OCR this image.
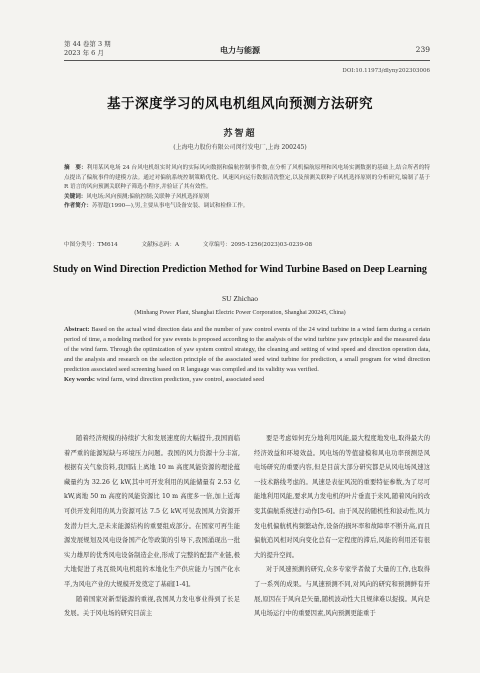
第 44 卷第 3 期
2023 年 6 月	电力与能源	239
DOI:10.11973/dlyny202303006
基于深度学习的风电机组风向预测方法研究
苏智超
(上海电力股份有限公司闵行发电厂,上海 200245)
摘　要：利用某风电场 24 台风电机组实时风向的实际风向数据和偏航控制事件数,在分析了风机偏航原理和风电场实测数据的基础上,结合所者的特点提出了偏航事件的建模方法。通过对偏航系统控制策略优化、风速风向运行数据清洗整定,以及预测关联种子风机选择原则的分析研究,编制了基于 R 语言的风向预测关联种子筛选小程序,并验证了其有效性。
关键词：风电场;风向预测;偏航控制;关联种子风机选择原则
作者简介：苏智超(1990—),男,主要从事电气设备安装、调试和检修工作。
中图分类号：TM614	文献标志码：A	文章编号：2095-1256(2023)03-0239-08
Study on Wind Direction Prediction Method for Wind Turbine Based on Deep Learning
SU Zhichao
(Minhang Power Plant, Shanghai Electric Power Corporation, Shanghai 200245, China)
Abstract: Based on the actual wind direction data and the number of yaw control events of the 24 wind turbine in a wind farm during a certain period of time, a modeling method for yaw events is proposed according to the analysis of the wind turbine yaw principle and the measured data of the wind farm. Through the optimization of yaw system control strategy, the cleaning and setting of wind speed and direction operation data, and the analysis and research on the selection principle of the associated seed wind turbine for prediction, a small program for wind direction prediction associated seed screening based on R language was compiled and its validity was verified.
Key words: wind farm, wind direction prediction, yaw control, associated seed

随着经济规模的持续扩大和发展速度的大幅提升,我国面临着严重的能源短缺与环境压力问题。我国的风力资源十分丰富,根据有关气象资料,我国陆上离地 10 m 高度风能资源的理论蕴藏量约为 32.26 亿 kW,其中可开发利用的风能储量有 2.53 亿 kW,离地 50 m 高度的风能资源比 10 m 高度多一倍,加上近海可供开发利用的风力资源可达 7.5 亿 kW,可见我国风力资源开发潜力巨大,是未来能源结构的重要组成部分。在国家可再生能源发展规划及风电设备国产化等政策的引导下,我国涌现出一批实力雄厚的优秀风电设备制造企业,形成了完整的配套产业链,极大地促进了兆瓦级风电机组的本地化生产供应能力与国产化水平,为风电产业的大规模开发奠定了基础[1-4]。

随着国家对新型能源的重视,我国风力发电事业得到了长足发展。关于风电场的研究目前主

要是考虑如何充分地利用风能,最大程度地发电,取得最大的经济效益和环境效益。风电场的等值建模和风电功率预测是风电场研究的重要内容,但是目前大部分研究都是从风电场风速这一技术路线考虑的。风速是表征风况的重要特征参数,为了尽可能地利用风能,要求风力发电机的叶片垂直于来风,随着风向的改变其偏航系统进行动作[5-6]。由于风况的随机性和波动性,风力发电机偏航机构频繁动作,设备的损坏率和故障率不断升高,而且偏航追风相对风向变化总有一定程度的滞后,风能的利用还有很大的提升空间。

对于风速预测的研究,众多专家学者做了大量的工作,也取得了一系列的成果。与风速预测不同,对风向的研究和预测鲜有开展,原因在于风向是矢量,随机波动性大且规律难以捉摸。风向是风电场运行中的重要因素,风向预测更能重于
